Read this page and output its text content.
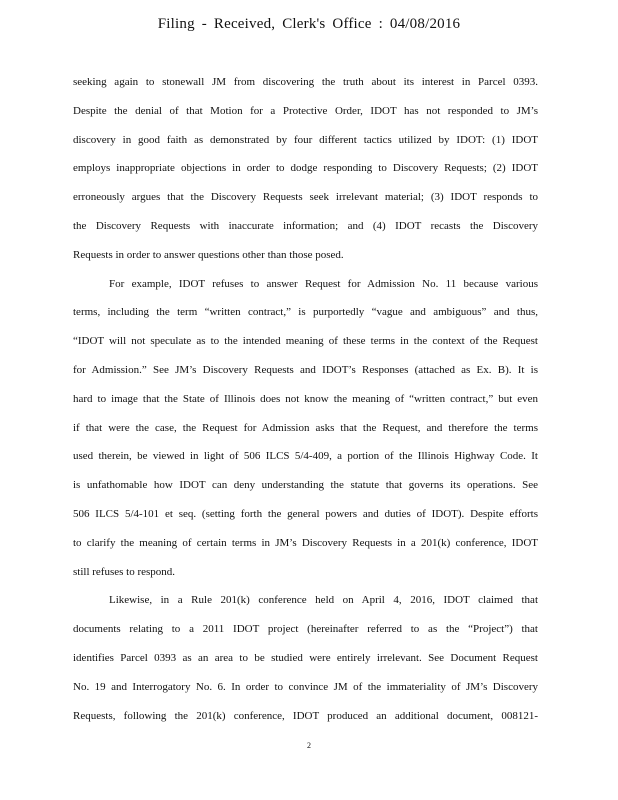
Filing - Received, Clerk's Office : 04/08/2016
seeking again to stonewall JM from discovering the truth about its interest in Parcel 0393.
Despite the denial of that Motion for a Protective Order, IDOT has not responded to JM’s
discovery in good faith as demonstrated by four different tactics utilized by IDOT: (1) IDOT
employs inappropriate objections in order to dodge responding to Discovery Requests; (2) IDOT
erroneously argues that the Discovery Requests seek irrelevant material; (3) IDOT responds to
the Discovery Requests with inaccurate information; and (4) IDOT recasts the Discovery
Requests in order to answer questions other than those posed.
For example, IDOT refuses to answer Request for Admission No. 11 because various
terms, including the term “written contract,” is purportedly “vague and ambiguous” and thus,
“IDOT will not speculate as to the intended meaning of these terms in the context of the Request
for Admission.” See JM’s Discovery Requests and IDOT’s Responses (attached as Ex. B). It is
hard to image that the State of Illinois does not know the meaning of “written contract,” but even
if that were the case, the Request for Admission asks that the Request, and therefore the terms
used therein, be viewed in light of 506 ILCS 5/4-409, a portion of the Illinois Highway Code. It
is unfathomable how IDOT can deny understanding the statute that governs its operations. See
506 ILCS 5/4-101 et seq. (setting forth the general powers and duties of IDOT). Despite efforts
to clarify the meaning of certain terms in JM’s Discovery Requests in a 201(k) conference, IDOT
still refuses to respond.
Likewise, in a Rule 201(k) conference held on April 4, 2016, IDOT claimed that
documents relating to a 2011 IDOT project (hereinafter referred to as the “Project”) that
identifies Parcel 0393 as an area to be studied were entirely irrelevant. See Document Request
No. 19 and Interrogatory No. 6. In order to convince JM of the immateriality of JM’s Discovery
Requests, following the 201(k) conference, IDOT produced an additional document, 008121-
2
